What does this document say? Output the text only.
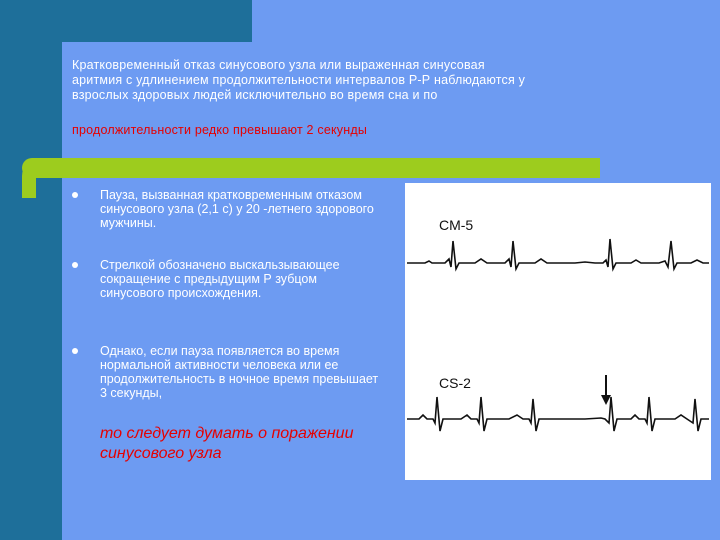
Кратковременный отказ синусового узла или выраженная синусовая
аритмия с удлинением продолжительности интервалов Р-Р наблюдаются у
взрослых здоровых людей исключительно во время сна и по
продолжительности редко превышают 2 секунды
Пауза, вызванная кратковременным отказом синусового узла (2,1 с) у 20 -летнего здорового мужчины.
Стрелкой обозначено выскальзывающее сокращение с предыдущим Р зубцом синусового происхождения.
Однако, если пауза появляется во время нормальной активности человека или ее продолжительность в ночное время превышает 3 секунды,
то следует думать о поражении синусового узла
CM-5
CS-2
